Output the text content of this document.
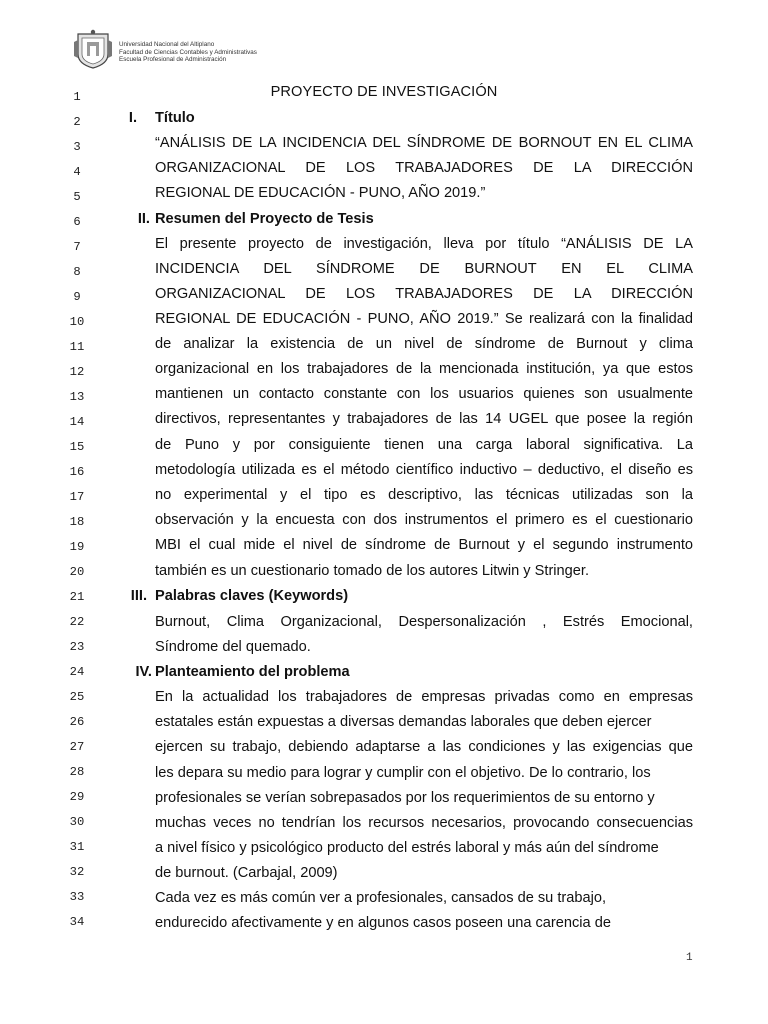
Universidad Nacional del Altiplano
Facultad de Ciencias Contables y Administrativas
Escuela Profesional de Administración
PROYECTO DE INVESTIGACIÓN
1
2
3
4
5
6
7
8
9
10
11
12
13
14
15
16
17
18
19
20
21
22
23
24
25
26
27
28
29
30
31
32
33
34
I. Título
“ANÁLISIS DE LA INCIDENCIA DEL SÍNDROME DE BORNOUT EN EL CLIMA
ORGANIZACIONAL DE LOS TRABAJADORES DE LA DIRECCIÓN
REGIONAL DE EDUCACIÓN - PUNO, AÑO 2019.”
II. Resumen del Proyecto de Tesis
El presente proyecto de investigación, lleva por título “ANÁLISIS DE LA
INCIDENCIA DEL SÍNDROME DE BURNOUT EN EL CLIMA
ORGANIZACIONAL DE LOS TRABAJADORES DE LA DIRECCIÓN
REGIONAL DE EDUCACIÓN - PUNO, AÑO 2019.” Se realizará con la finalidad
de analizar la existencia de un nivel de síndrome de Burnout y clima
organizacional en los trabajadores de la mencionada institución, ya que estos
mantienen un contacto constante con los usuarios quienes son usualmente
directivos, representantes y trabajadores de las 14 UGEL que posee la región
de Puno y por consiguiente tienen una carga laboral significativa. La
metodología utilizada es el método científico inductivo – deductivo, el diseño es
no experimental y el tipo es descriptivo, las técnicas utilizadas son la
observación y la encuesta con dos instrumentos el primero es el cuestionario
MBI el cual mide el nivel de síndrome de Burnout y el segundo instrumento
también es un cuestionario tomado de los autores Litwin y Stringer.
III. Palabras claves (Keywords)
Burnout, Clima Organizacional, Despersonalización , Estrés Emocional,
Síndrome del quemado.
IV. Planteamiento del problema
En la actualidad los trabajadores de empresas privadas como en empresas
estatales están expuestas a diversas demandas laborales que deben ejercer
ejercen su trabajo, debiendo adaptarse a las condiciones y las exigencias que
les depara su medio para lograr y cumplir con el objetivo. De lo contrario, los
profesionales se verían sobrepasados por los requerimientos de su entorno y
muchas veces no tendrían los recursos necesarios, provocando consecuencias
a nivel físico y psicológico producto del estrés laboral y más aún del síndrome
de burnout. (Carbajal, 2009)
Cada vez es más común ver a profesionales, cansados de su trabajo,
endurecido afectivamente y en algunos casos poseen una carencia de
1
